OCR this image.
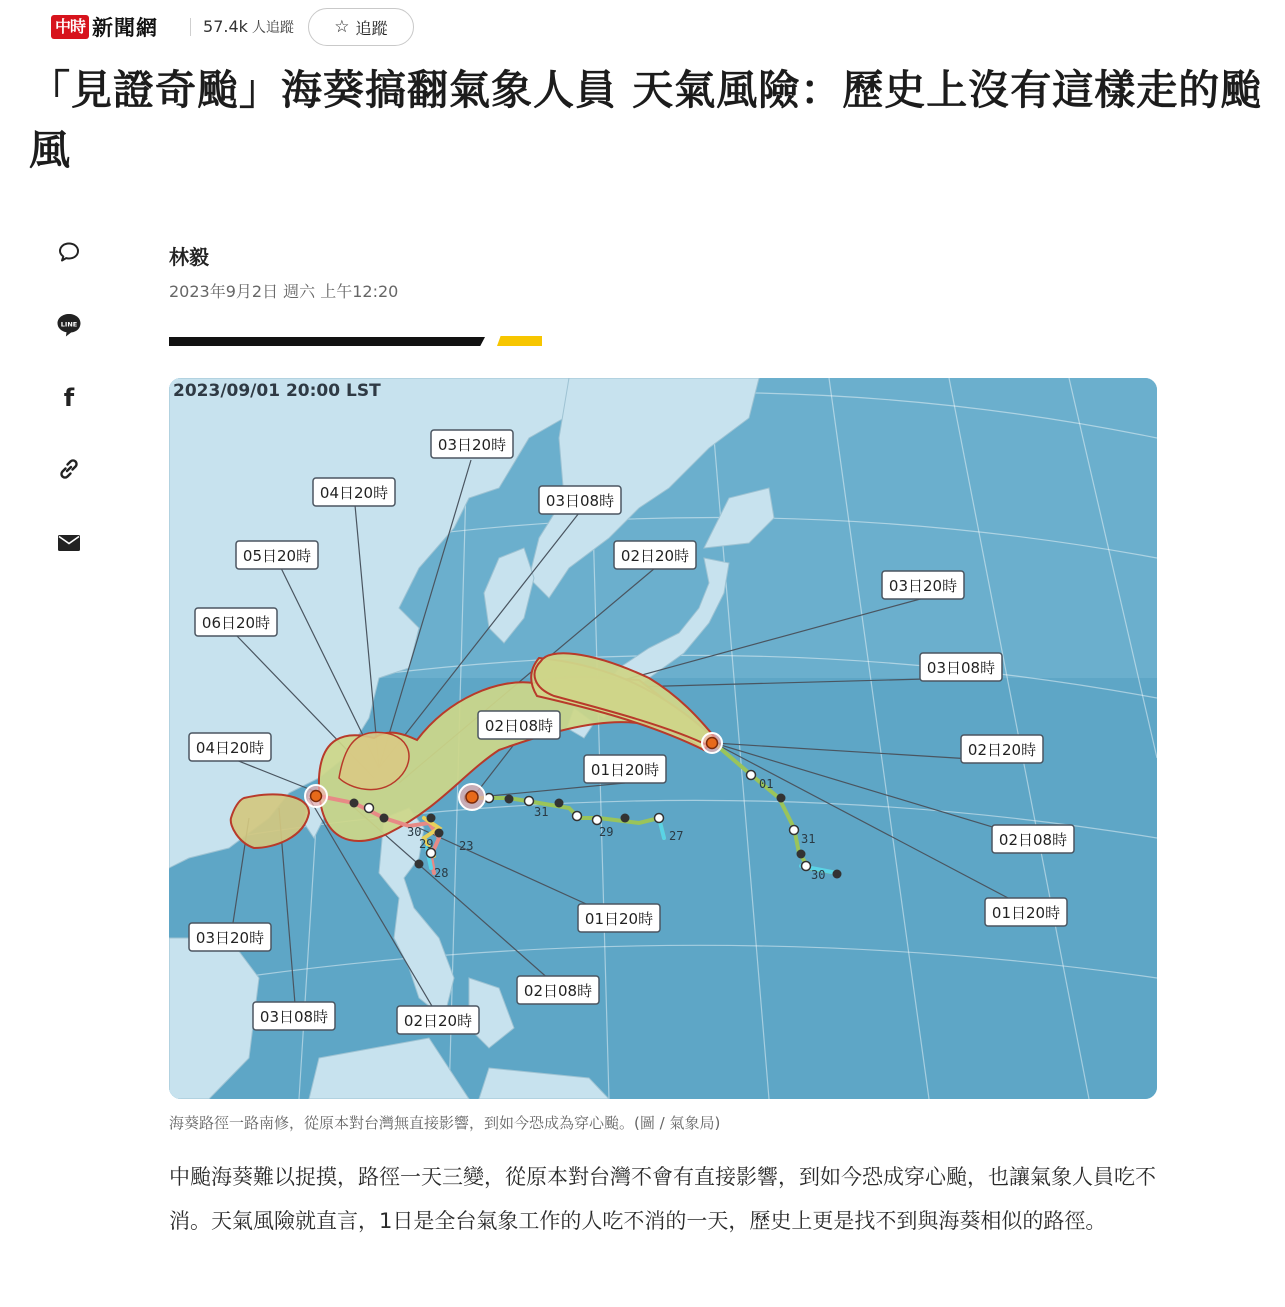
中時 新聞網	57.4k 人追蹤 ☆ 追蹤
「見證奇颱」海葵搞翻氣象人員 天氣風險：歷史上沒有這樣走的颱風
LINE
f
林毅
2023年9月2日 週六 上午12:20
01
31
30
31
29	27
23
28
29
30
2023/09/01 20:00 LST
03日20時
04日20時	03日08時
05日20時	02日20時
03日20時
06日20時
03日08時
02日08時
04日20時
01日20時
02日20時
02日08時
01日20時	01日20時
03日20時
02日08時
03日08時	02日20時
海葵路徑一路南修，從原本對台灣無直接影響，到如今恐成為穿心颱。(圖 / 氣象局)

中颱海葵難以捉摸，路徑一天三變，從原本對台灣不會有直接影響，到如今恐成穿心颱，也讓氣象人員吃不消。天氣風險就直言，1日是全台氣象工作的人吃不消的一天，歷史上更是找不到與海葵相似的路徑。
